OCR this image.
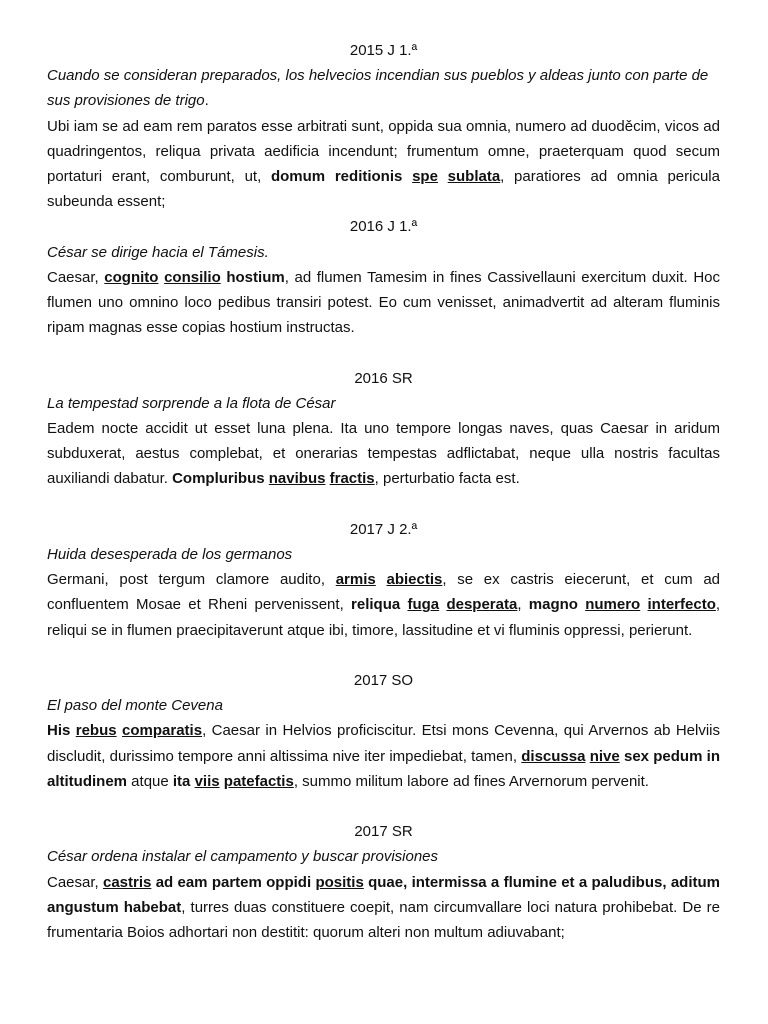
2015 J 1.ª
Cuando se consideran preparados, los helvecios incendian sus pueblos y aldeas junto con parte de sus provisiones de trigo.
Ubi iam se ad eam rem paratos esse arbitrati sunt, oppida sua omnia, numero ad duoděcim, vicos ad quadringentos, reliqua privata aedificia incendunt; frumentum omne, praeterquam quod secum portaturi erant, comburunt, ut, domum reditionis spe sublata, paratiores ad omnia pericula subeunda essent;
2016 J 1.ª
César se dirige hacia el Támesis.
Caesar, cognito consilio hostium, ad flumen Tamesim in fines Cassivellauni exercitum duxit. Hoc flumen uno omnino loco pedibus transiri potest. Eo cum venisset, animadvertit ad alteram fluminis ripam magnas esse copias hostium instructas.
2016 SR
La tempestad sorprende a la flota de César
Eadem nocte accidit ut esset luna plena. Ita uno tempore longas naves, quas Caesar in aridum subduxerat, aestus complebat, et onerarias tempestas adflictabat, neque ulla nostris facultas auxiliandi dabatur. Compluribus navibus fractis, perturbatio facta est.
2017 J 2.ª
Huida desesperada de los germanos
Germani, post tergum clamore audito, armis abiectis, se ex castris eiecerunt, et cum ad confluentem Mosae et Rheni pervenissent, reliqua fuga desperata, magno numero interfecto, reliqui se in flumen praecipitaverunt atque ibi, timore, lassitudine et vi fluminis oppressi, perierunt.
2017 SO
El paso del monte Cevena
His rebus comparatis, Caesar in Helvios proficiscitur. Etsi mons Cevenna, qui Arvernos ab Helviis discludit, durissimo tempore anni altissima nive iter impediebat, tamen, discussa nive sex pedum in altitudinem atque ita viis patefactis, summo militum labore ad fines Arvernorum pervenit.
2017 SR
César ordena instalar el campamento y buscar provisiones
Caesar, castris ad eam partem oppidi positis quae, intermissa a flumine et a paludibus, aditum angustum habebat, turres duas constituere coepit, nam circumvallare loci natura prohibebat. De re frumentaria Boios adhortari non destitit: quorum alteri non multum adiuvabant;
